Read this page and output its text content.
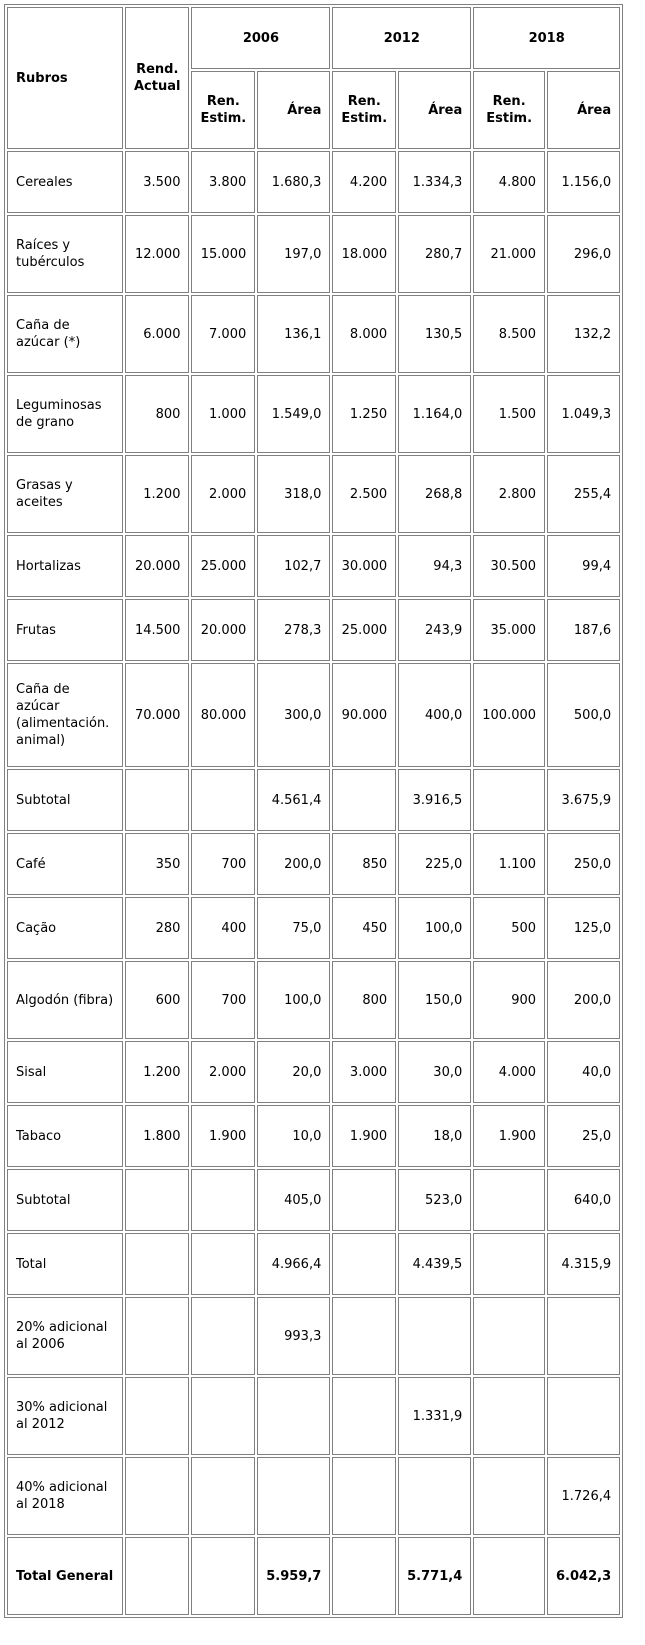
Rubros	Rend. Actual	2006		2012		2018	
		Ren. Estim.	Área	Ren. Estim.	Área	Ren. Estim.	Área
Cereales	3.500	3.800	1.680,3	4.200	1.334,3	4.800	1.156,0
Raíces y tubérculos	12.000	15.000	197,0	18.000	280,7	21.000	296,0
Caña de azúcar (*)	6.000	7.000	136,1	8.000	130,5	8.500	132,2
Leguminosas de grano	800	1.000	1.549,0	1.250	1.164,0	1.500	1.049,3
Grasas y aceites	1.200	2.000	318,0	2.500	268,8	2.800	255,4
Hortalizas	20.000	25.000	102,7	30.000	94,3	30.500	99,4
Frutas	14.500	20.000	278,3	25.000	243,9	35.000	187,6
Caña de azúcar (alimentación. animal)	70.000	80.000	300,0	90.000	400,0	100.000	500,0
Subtotal			4.561,4		3.916,5		3.675,9
Café	350	700	200,0	850	225,0	1.100	250,0
Cação	280	400	75,0	450	100,0	500	125,0
Algodón (fibra)	600	700	100,0	800	150,0	900	200,0
Sisal	1.200	2.000	20,0	3.000	30,0	4.000	40,0
Tabaco	1.800	1.900	10,0	1.900	18,0	1.900	25,0
Subtotal			405,0		523,0		640,0
Total			4.966,4		4.439,5		4.315,9
20% adicional al 2006			993,3				
30% adicional al 2012					1.331,9		
40% adicional al 2018							1.726,4
Total General			5.959,7		5.771,4		6.042,3
